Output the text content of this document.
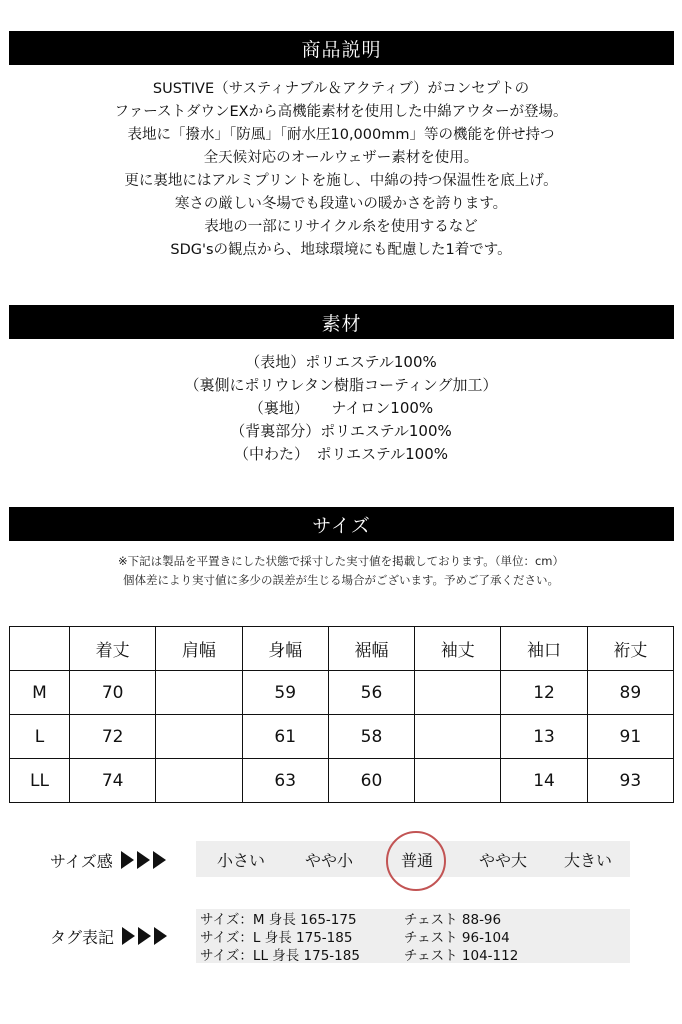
商品説明
SUSTIVE（サスティナブル＆アクティブ）がコンセプトの
ファーストダウンEXから高機能素材を使用した中綿アウターが登場。
表地に「撥水」「防風」「耐水圧10,000mm」等の機能を併せ持つ
全天候対応のオールウェザー素材を使用。
更に裏地にはアルミプリントを施し、中綿の持つ保温性を底上げ。
寒さの厳しい冬場でも段違いの暖かさを誇ります。
表地の一部にリサイクル糸を使用するなど
SDG'sの観点から、地球環境にも配慮した1着です。
素材
（表地）ポリエステル100%
（裏側にポリウレタン樹脂コーティング加工）
（裏地）　　ナイロン100%
（背裏部分）ポリエステル100%
（中わた）　ポリエステル100%
サイズ
※下記は製品を平置きにした状態で採寸した実寸値を掲載しております。（単位：cm）
個体差により実寸値に多少の誤差が生じる場合がございます。予めご了承ください。
	着丈	肩幅	身幅	裾幅	袖丈	袖口	裄丈
M	70		59	56		12	89
L	72		61	58		13	91
LL	74		63	60		14	93
サイズ感	小さい やや小	普通	やや大 大きい
タグ表記
サイズ：M 身長 165-175	チェスト 88-96
サイズ：L 身長 175-185	チェスト 96-104
サイズ：LL 身長 175-185	チェスト 104-112
